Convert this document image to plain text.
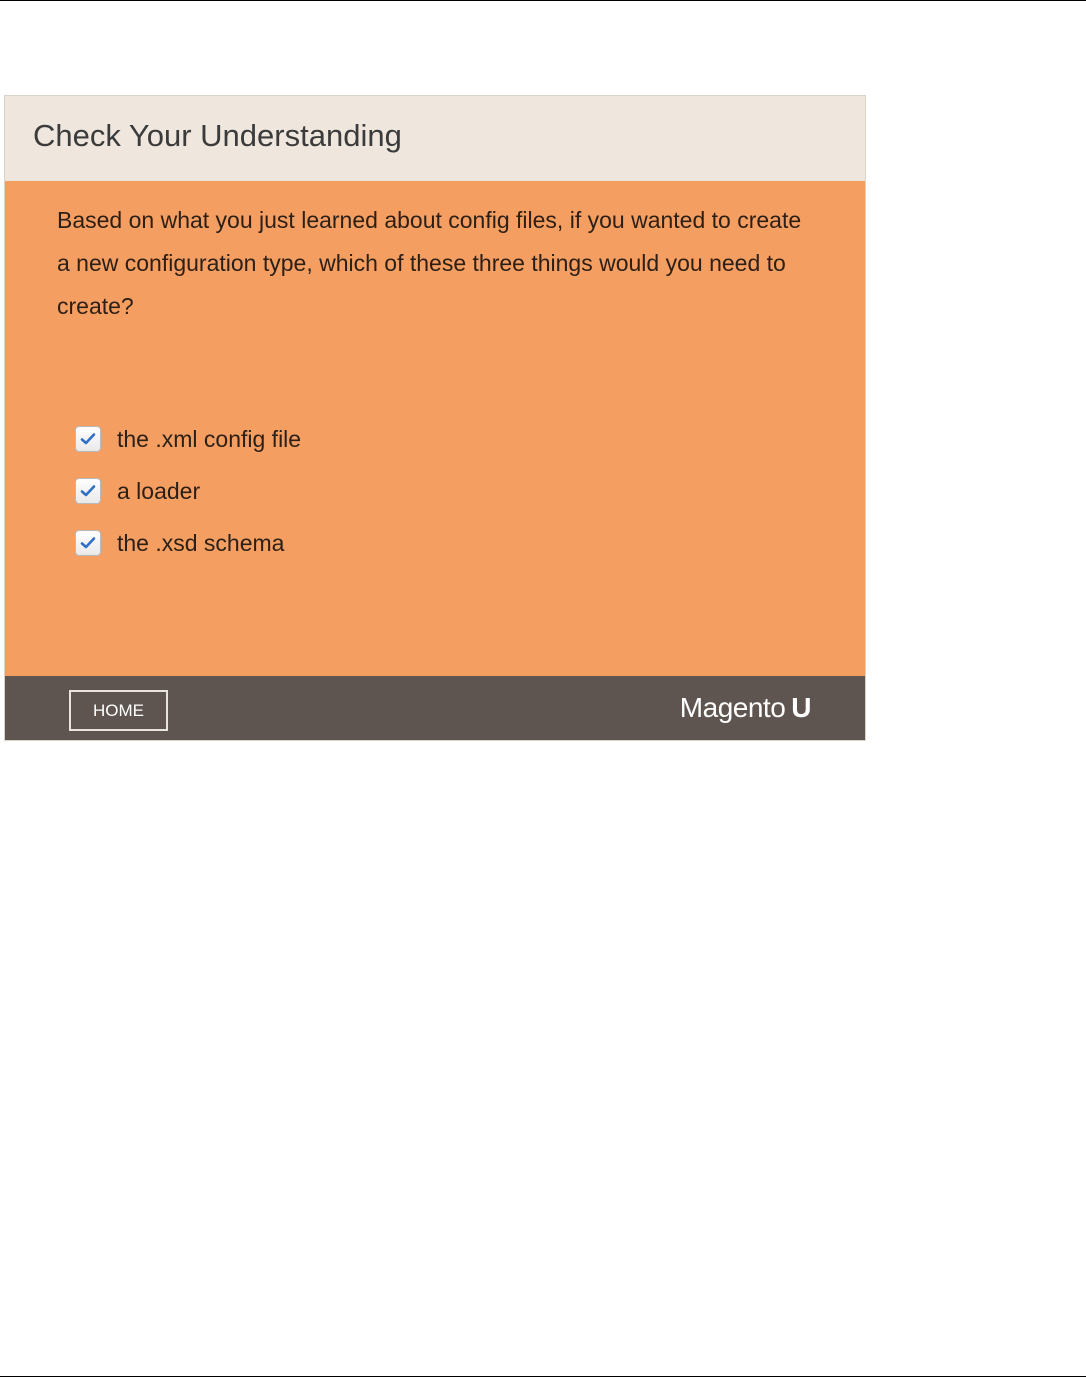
Check Your Understanding

Based on what you just learned about config files, if you wanted to create a new configuration type, which of these three things would you need to create?

the .xml config file
a loader
the .xsd schema
HOME	Magento U
